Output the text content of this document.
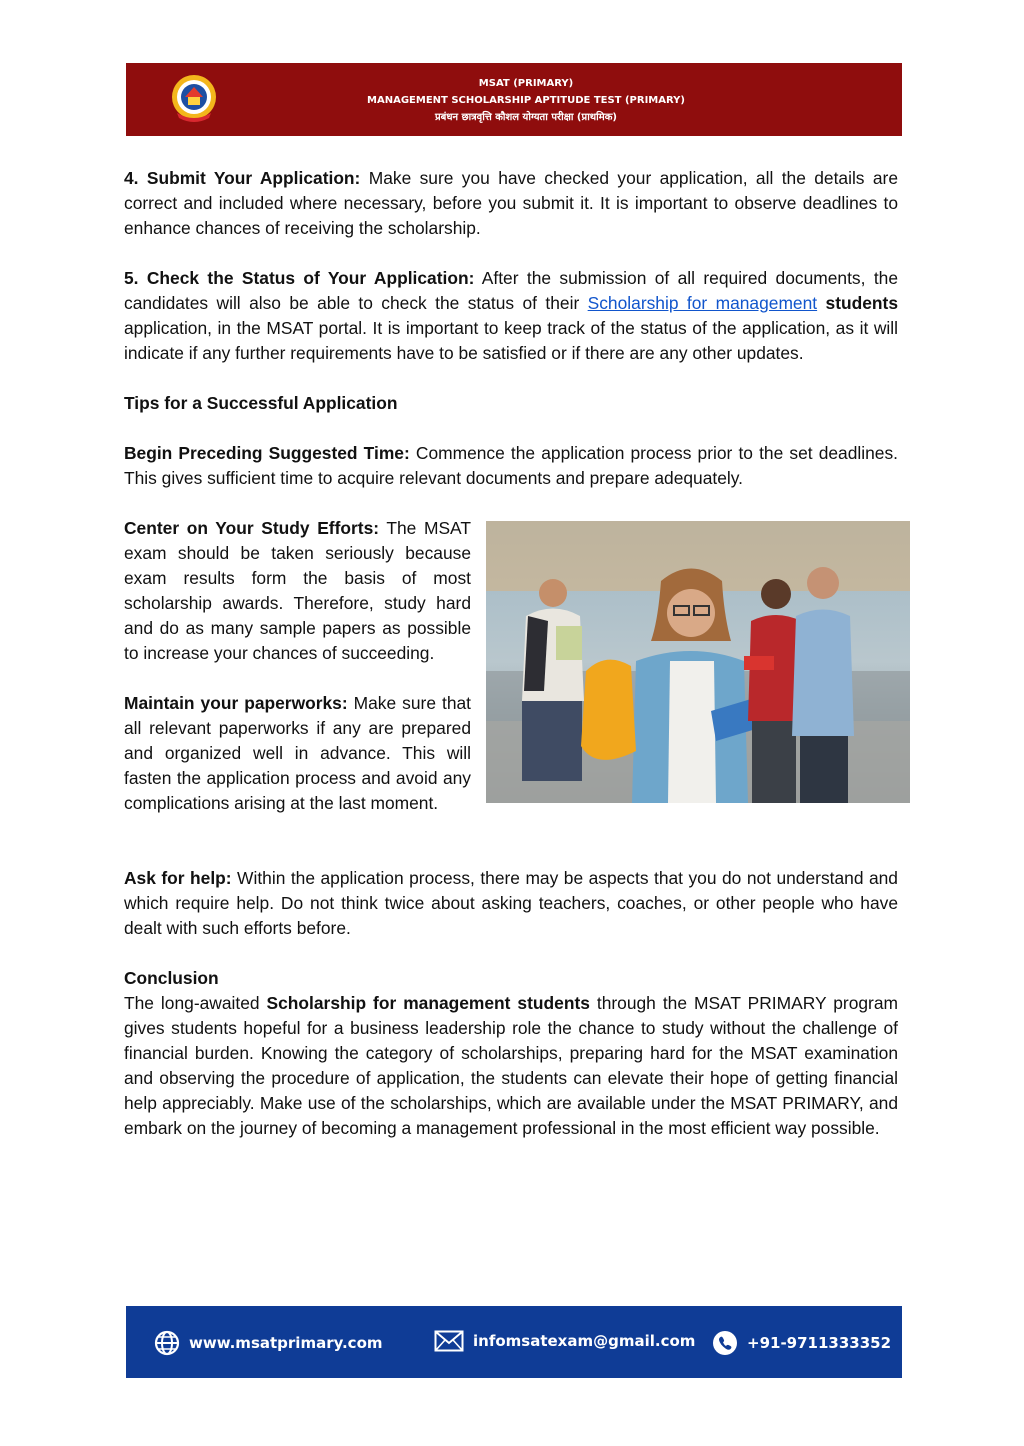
MSAT (PRIMARY)
MANAGEMENT SCHOLARSHIP APTITUDE TEST (PRIMARY)
प्रबंधन छात्रवृत्ति कौशल योग्यता परीक्षा (प्राथमिक)

4. Submit Your Application: Make sure you have checked your application, all the details are correct and included where necessary, before you submit it. It is important to observe deadlines to enhance chances of receiving the scholarship.

5. Check the Status of Your Application: After the submission of all required documents, the candidates will also be able to check the status of their Scholarship for management students application, in the MSAT portal. It is important to keep track of the status of the application, as it will indicate if any further requirements have to be satisfied or if there are any other updates.

Tips for a Successful Application

Begin Preceding Suggested Time: Commence the application process prior to the set deadlines. This gives sufficient time to acquire relevant documents and prepare adequately.

Center on Your Study Efforts: The MSAT exam should be taken seriously because exam results form the basis of most scholarship awards. Therefore, study hard and do as many sample papers as possible to increase your chances of succeeding.

Maintain your paperworks: Make sure that all relevant paperworks if any are prepared and organized well in advance. This will fasten the application process and avoid any complications arising at the last moment.

Ask for help: Within the application process, there may be aspects that you do not understand and which require help. Do not think twice about asking teachers, coaches, or other people who have dealt with such efforts before.

Conclusion

The long-awaited Scholarship for management students through the MSAT PRIMARY program gives students hopeful for a business leadership role the chance to study without the challenge of financial burden. Knowing the category of scholarships, preparing hard for the MSAT examination and observing the procedure of application, the students can elevate their hope of getting financial help appreciably. Make use of the scholarships, which are available under the MSAT PRIMARY, and embark on the journey of becoming a management professional in the most efficient way possible.

www.msatprimary.com	infomsatexam@gmail.com	+91-9711333352
